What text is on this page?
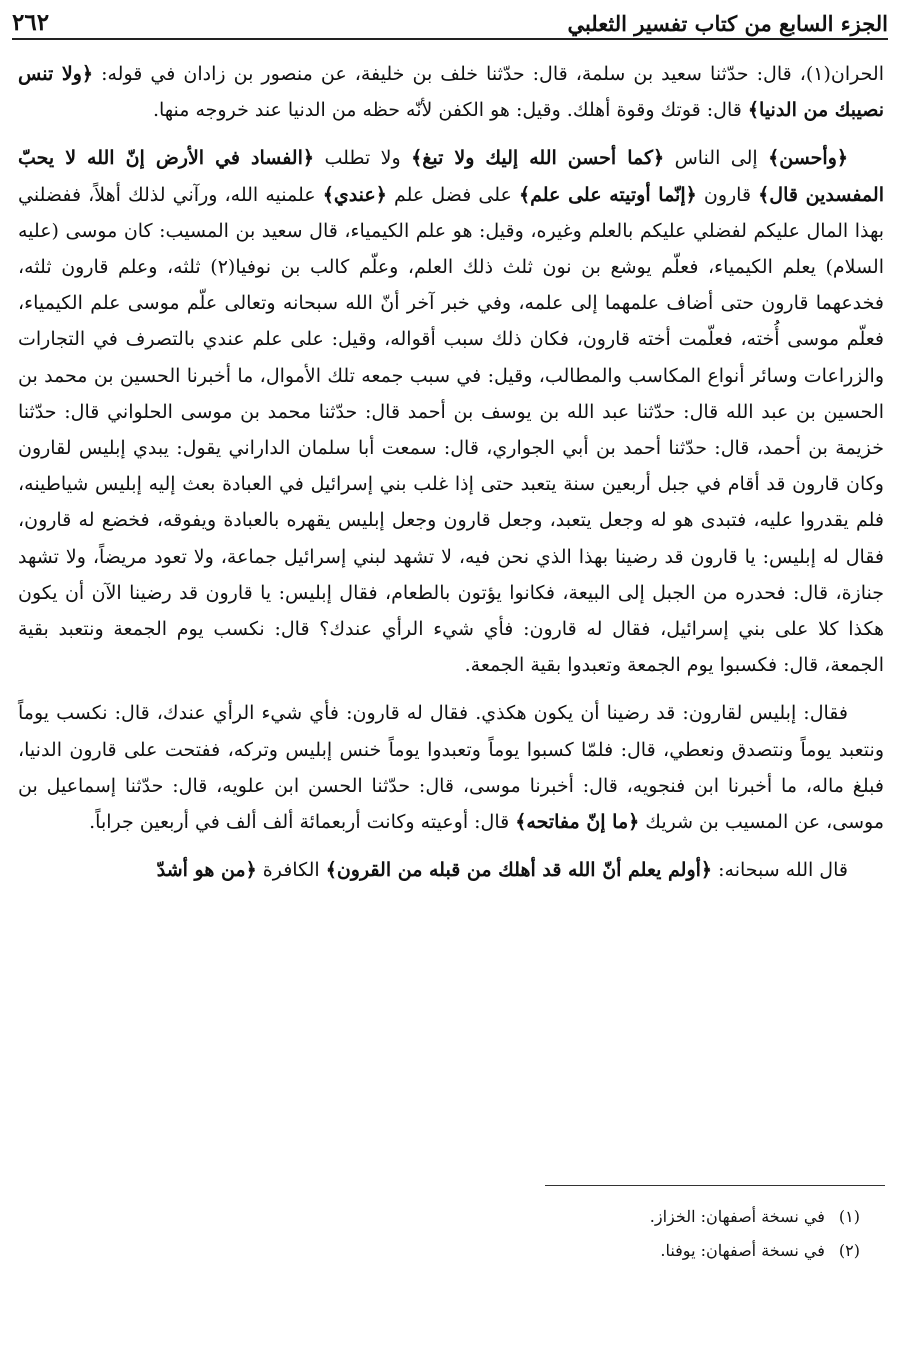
الجزء السابع من كتاب تفسير الثعلبي
٢٦٢

الحران(١)، قال: حدّثنا سعيد بن سلمة، قال: حدّثنا خلف بن خليفة، عن منصور بن زادان في قوله: ﴿ولا تنس نصيبك من الدنيا﴾ قال: قوتك وقوة أهلك. وقيل: هو الكفن لأنّه حظه من الدنيا عند خروجه منها.

﴿وأحسن﴾ إلى الناس ﴿كما أحسن الله إليك ولا تبغ﴾ ولا تطلب ﴿الفساد في الأرض إنّ الله لا يحبّ المفسدين قال﴾ قارون ﴿إنّما أوتيته على علم﴾ على فضل علم ﴿عندي﴾ علمنيه الله، ورآني لذلك أهلاً، ففضلني بهذا المال عليكم لفضلي عليكم بالعلم وغيره، وقيل: هو علم الكيمياء، قال سعيد بن المسيب: كان موسى (عليه السلام) يعلم الكيمياء، فعلّم يوشع بن نون ثلث ذلك العلم، وعلّم كالب بن نوفيا(٢) ثلثه، وعلم قارون ثلثه، فخدعهما قارون حتى أضاف علمهما إلى علمه، وفي خبر آخر أنّ الله سبحانه وتعالى علّم موسى علم الكيمياء، فعلّم موسى أُخته، فعلّمت أخته قارون، فكان ذلك سبب أقواله، وقيل: على علم عندي بالتصرف في التجارات والزراعات وسائر أنواع المكاسب والمطالب، وقيل: في سبب جمعه تلك الأموال، ما أخبرنا الحسين بن محمد بن الحسين بن عبد الله قال: حدّثنا عبد الله بن يوسف بن أحمد قال: حدّثنا محمد بن موسى الحلواني قال: حدّثنا خزيمة بن أحمد، قال: حدّثنا أحمد بن أبي الجواري، قال: سمعت أبا سلمان الداراني يقول: يبدي إبليس لقارون وكان قارون قد أقام في جبل أربعين سنة يتعبد حتى إذا غلب بني إسرائيل في العبادة بعث إليه إبليس شياطينه، فلم يقدروا عليه، فتبدى هو له وجعل يتعبد، وجعل قارون وجعل إبليس يقهره بالعبادة ويفوقه، فخضع له قارون، فقال له إبليس: يا قارون قد رضينا بهذا الذي نحن فيه، لا تشهد لبني إسرائيل جماعة، ولا تعود مريضاً، ولا تشهد جنازة، قال: فحدره من الجبل إلى البيعة، فكانوا يؤتون بالطعام، فقال إبليس: يا قارون قد رضينا الآن أن يكون هكذا كلا على بني إسرائيل، فقال له قارون: فأي شيء الرأي عندك؟ قال: نكسب يوم الجمعة ونتعبد بقية الجمعة، قال: فكسبوا يوم الجمعة وتعبدوا بقية الجمعة.

فقال: إبليس لقارون: قد رضينا أن يكون هكذي. فقال له قارون: فأي شيء الرأي عندك، قال: نكسب يوماً ونتعبد يوماً ونتصدق ونعطي، قال: فلمّا كسبوا يوماً وتعبدوا يوماً خنس إبليس وتركه، ففتحت على قارون الدنيا، فبلغ ماله، ما أخبرنا ابن فنجويه، قال: أخبرنا موسى، قال: حدّثنا الحسن ابن علويه، قال: حدّثنا إسماعيل بن موسى، عن المسيب بن شريك ﴿ما إنّ مفاتحه﴾ قال: أوعيته وكانت أربعمائة ألف ألف في أربعين جراباً.

قال الله سبحانه: ﴿أولم يعلم أنّ الله قد أهلك من قبله من القرون﴾ الكافرة ﴿من هو أشدّ

(١)
في نسخة أصفهان: الخزاز.
(٢)
في نسخة أصفهان: يوفنا.
